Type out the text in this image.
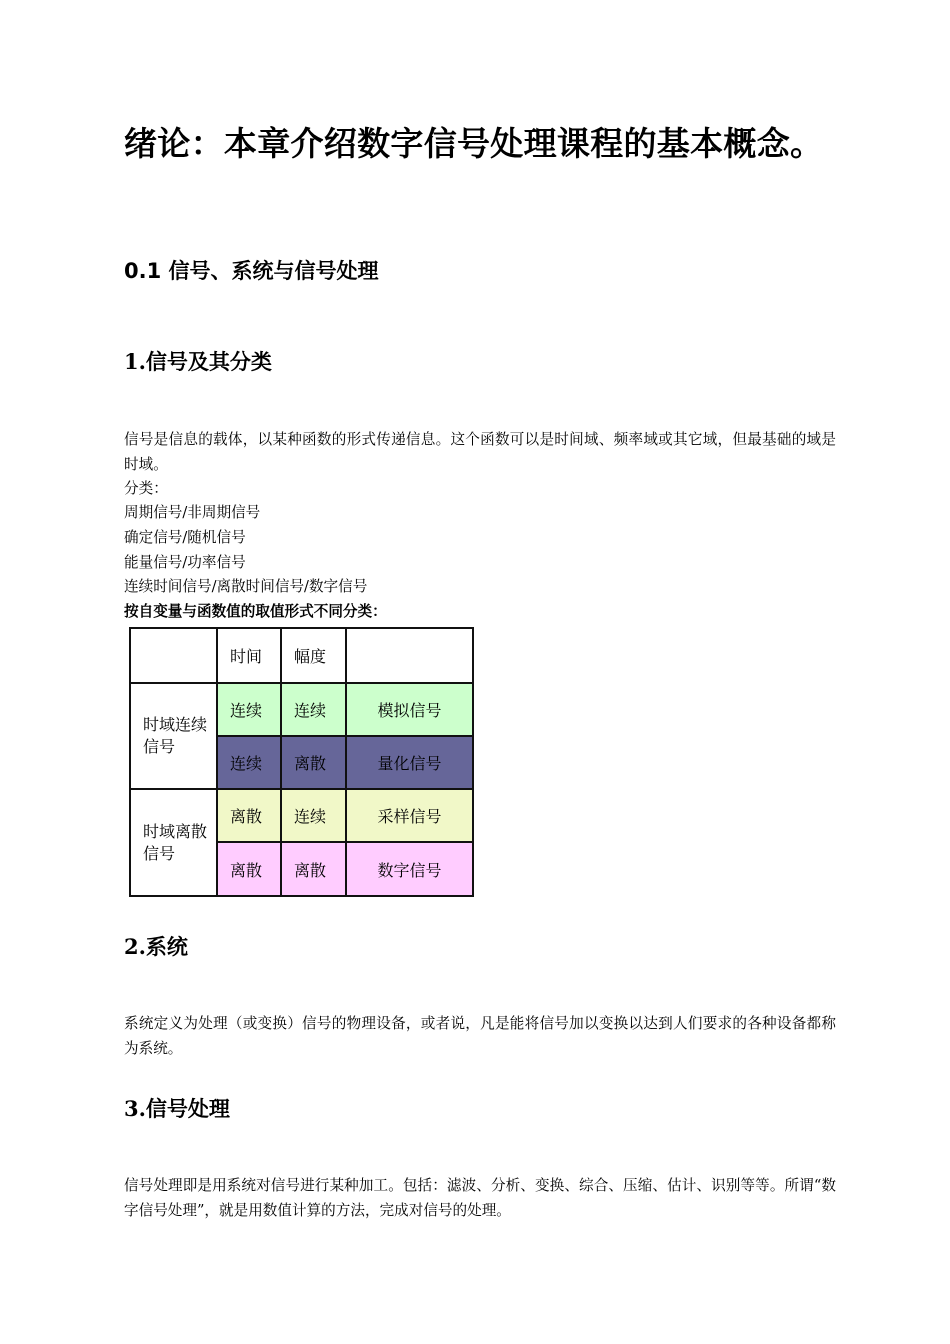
绪论：本章介绍数字信号处理课程的基本概念。
0.1 信号、系统与信号处理
1.信号及其分类
信号是信息的载体，以某种函数的形式传递信息。这个函数可以是时间域、频率域或其它域，但最基础的域是时域。
分类：
周期信号/非周期信号
确定信号/随机信号
能量信号/功率信号
连续时间信号/离散时间信号/数字信号
按自变量与函数值的取值形式不同分类：
	时间	幅度	
时域连续信号	连续	连续	模拟信号
	连续	离散	量化信号
时域离散信号	离散	连续	采样信号
	离散	离散	数字信号
2.系统
系统定义为处理（或变换）信号的物理设备，或者说，凡是能将信号加以变换以达到人们要求的各种设备都称为系统。
3.信号处理
信号处理即是用系统对信号进行某种加工。包括：滤波、分析、变换、综合、压缩、估计、识别等等。所谓“数字信号处理”，就是用数值计算的方法，完成对信号的处理。
